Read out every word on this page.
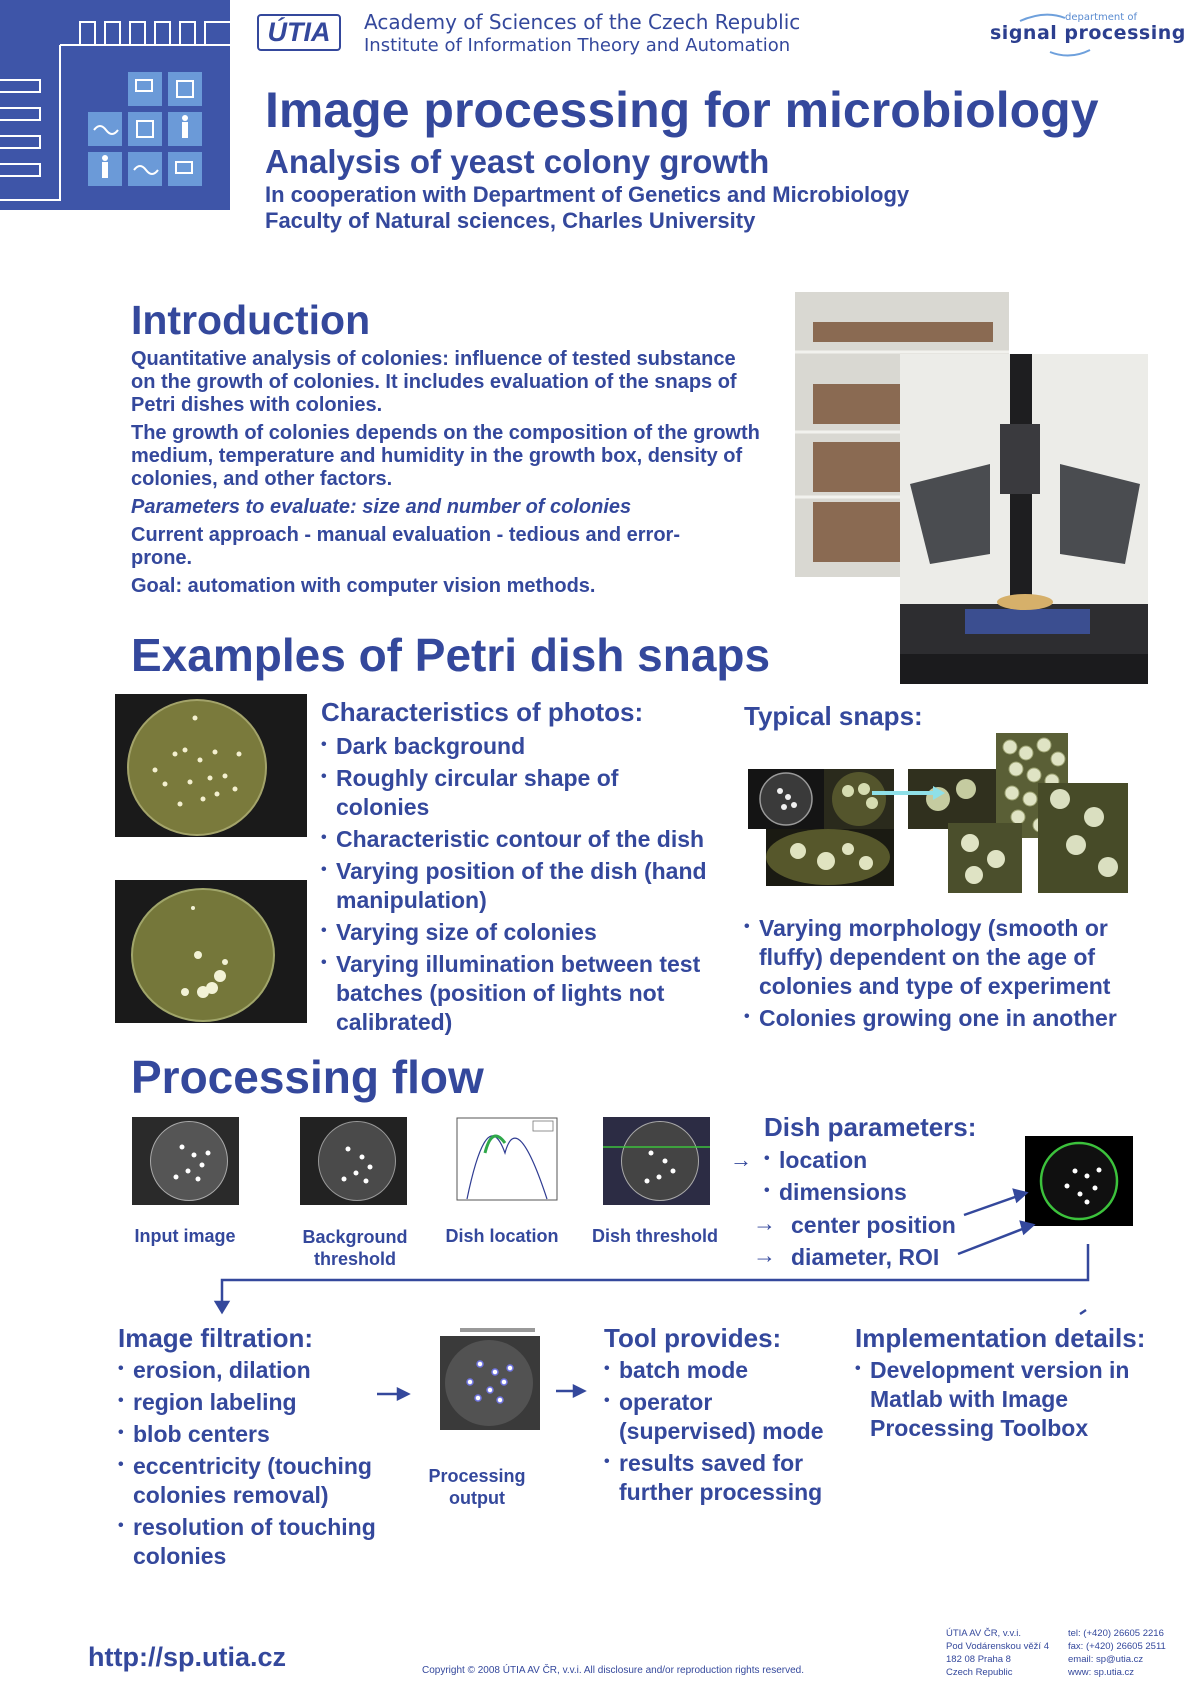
ÚTIA	Academy of Sciences of the Czech Republic
Institute of Information Theory and Automation
department of
signal processing
Image processing for microbiology
Analysis of yeast colony growth
In cooperation with Department of Genetics and Microbiology
Faculty of Natural sciences, Charles University
Introduction
Quantitative analysis of colonies: influence of tested substance on the growth of colonies. It includes evaluation of the snaps of Petri dishes with colonies.
The growth of colonies depends on the composition of the growth medium, temperature and humidity in the growth box, density of colonies, and other factors.
Parameters to evaluate: size and number of colonies
Current approach - manual evaluation - tedious and error-prone.
Goal: automation with computer vision methods.
Examples of Petri dish snaps
Characteristics of photos:
• Dark background
• Roughly circular shape of colonies
• Characteristic contour of the dish
• Varying position of the dish (hand manipulation)
• Varying size of colonies
• Varying illumination between test batches (position of lights not calibrated)
Typical snaps:
• Varying morphology (smooth or fluffy) dependent on the age of colonies and type of experiment
• Colonies growing one in another
Processing flow
Input image	Background threshold
Dish location	Dish threshold
Dish parameters:
→
•	location
• dimensions
→ center position
→ diameter, ROI
Image filtration:
• erosion, dilation
• region labeling
• blob centers
• eccentricity (touching colonies removal)
• resolution of touching colonies
Processing output
Tool provides:
• batch mode
• operator (supervised) mode
• results saved for further processing
Implementation details:
• Development version in Matlab with Image Processing Toolbox
http://sp.utia.cz	Copyright © 2008 ÚTIA AV ČR, v.v.i. All disclosure and/or reproduction rights reserved.
ÚTIA AV ČR, v.v.i.
Pod Vodárenskou věží 4
182 08 Praha 8
Czech Republic
tel: (+420) 26605 2216
fax: (+420) 26605 2511
email: sp@utia.cz
www: sp.utia.cz
